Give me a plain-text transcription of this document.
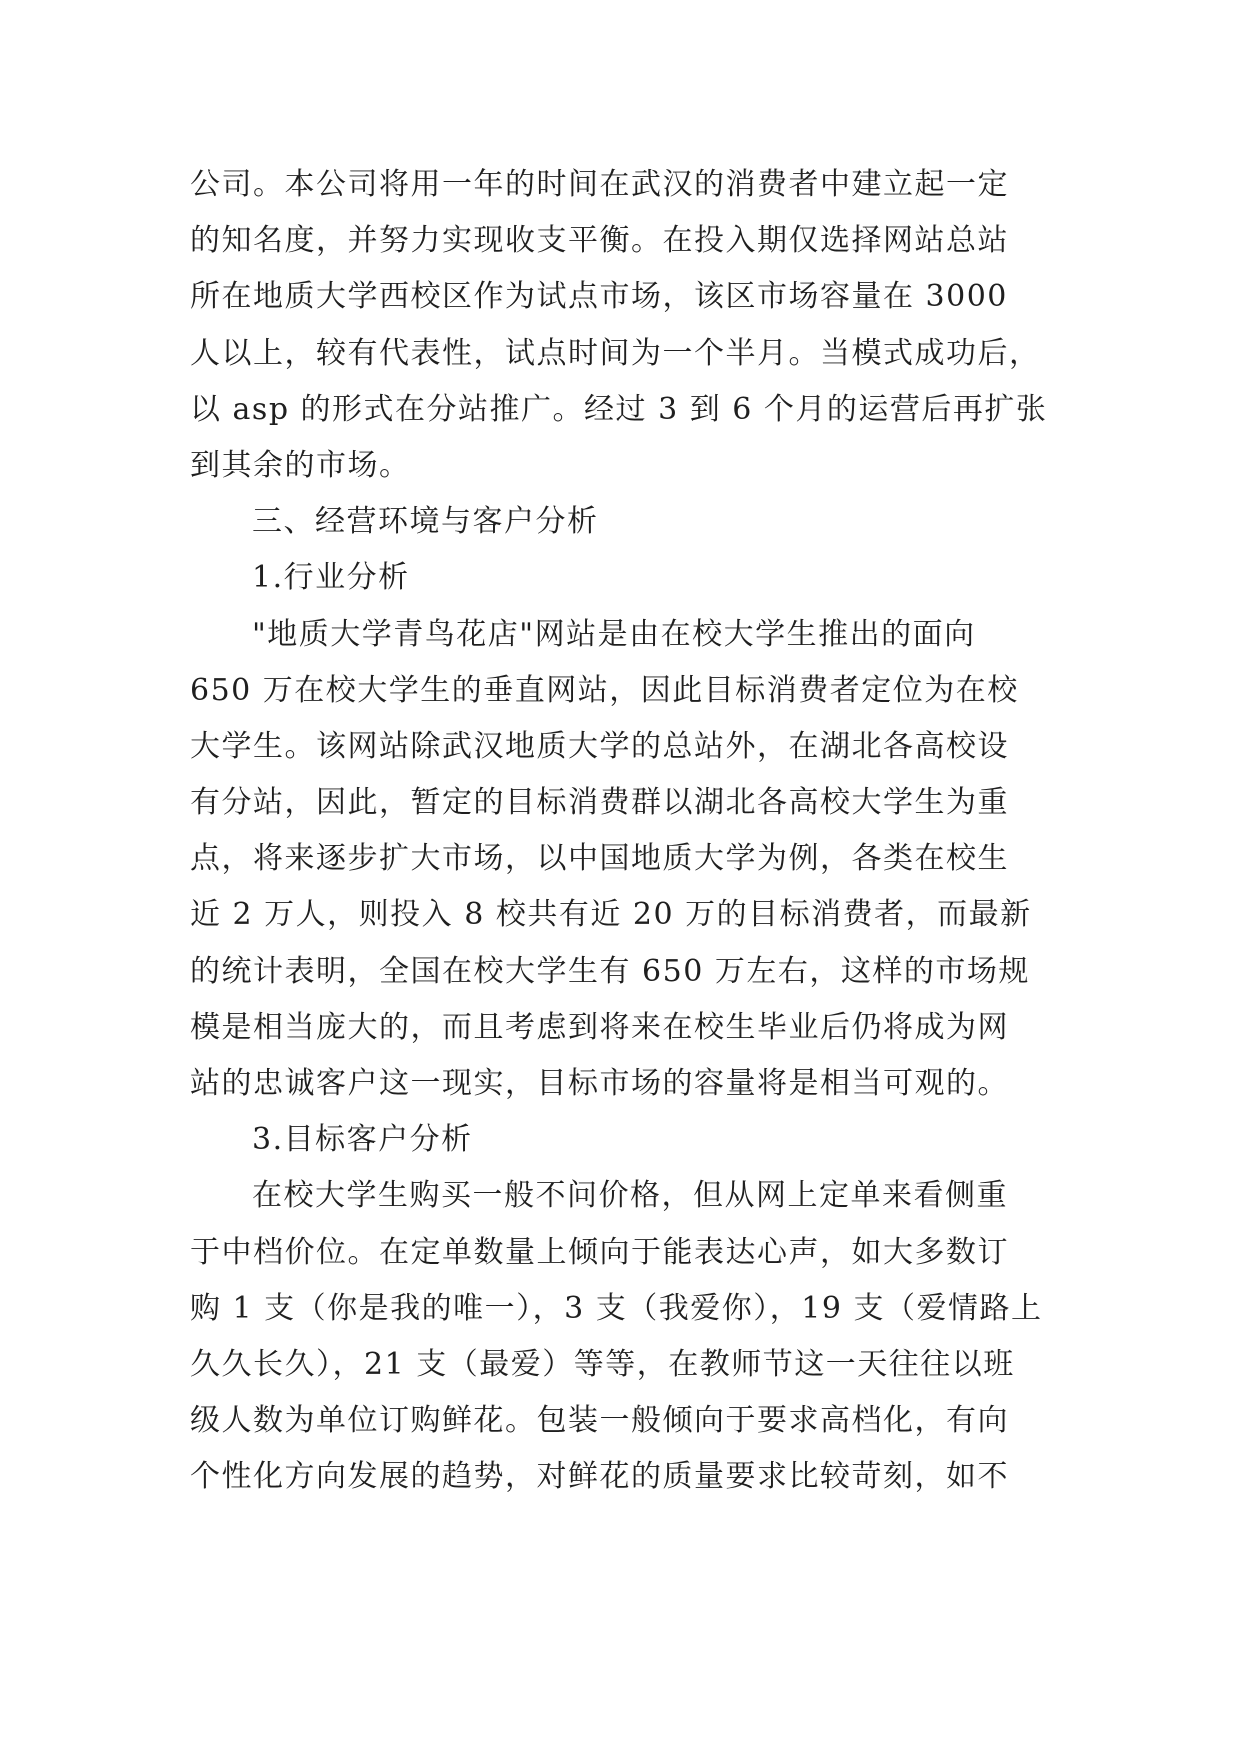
公司。本公司将用一年的时间在武汉的消费者中建立起一定
的知名度，并努力实现收支平衡。在投入期仅选择网站总站
所在地质大学西校区作为试点市场，该区市场容量在 3000
人以上，较有代表性，试点时间为一个半月。当模式成功后，
以 asp 的形式在分站推广。经过 3 到 6 个月的运营后再扩张
到其余的市场。
三、经营环境与客户分析
1.行业分析
"地质大学青鸟花店"网站是由在校大学生推出的面向
650 万在校大学生的垂直网站，因此目标消费者定位为在校
大学生。该网站除武汉地质大学的总站外，在湖北各高校设
有分站，因此，暂定的目标消费群以湖北各高校大学生为重
点，将来逐步扩大市场，以中国地质大学为例，各类在校生
近 2 万人，则投入 8 校共有近 20 万的目标消费者，而最新
的统计表明，全国在校大学生有 650 万左右，这样的市场规
模是相当庞大的，而且考虑到将来在校生毕业后仍将成为网
站的忠诚客户这一现实，目标市场的容量将是相当可观的。
3.目标客户分析
在校大学生购买一般不问价格，但从网上定单来看侧重
于中档价位。在定单数量上倾向于能表达心声，如大多数订
购 1 支（你是我的唯一），3 支（我爱你），19 支（爱情路上
久久长久），21 支（最爱）等等，在教师节这一天往往以班
级人数为单位订购鲜花。包装一般倾向于要求高档化，有向
个性化方向发展的趋势，对鲜花的质量要求比较苛刻，如不
